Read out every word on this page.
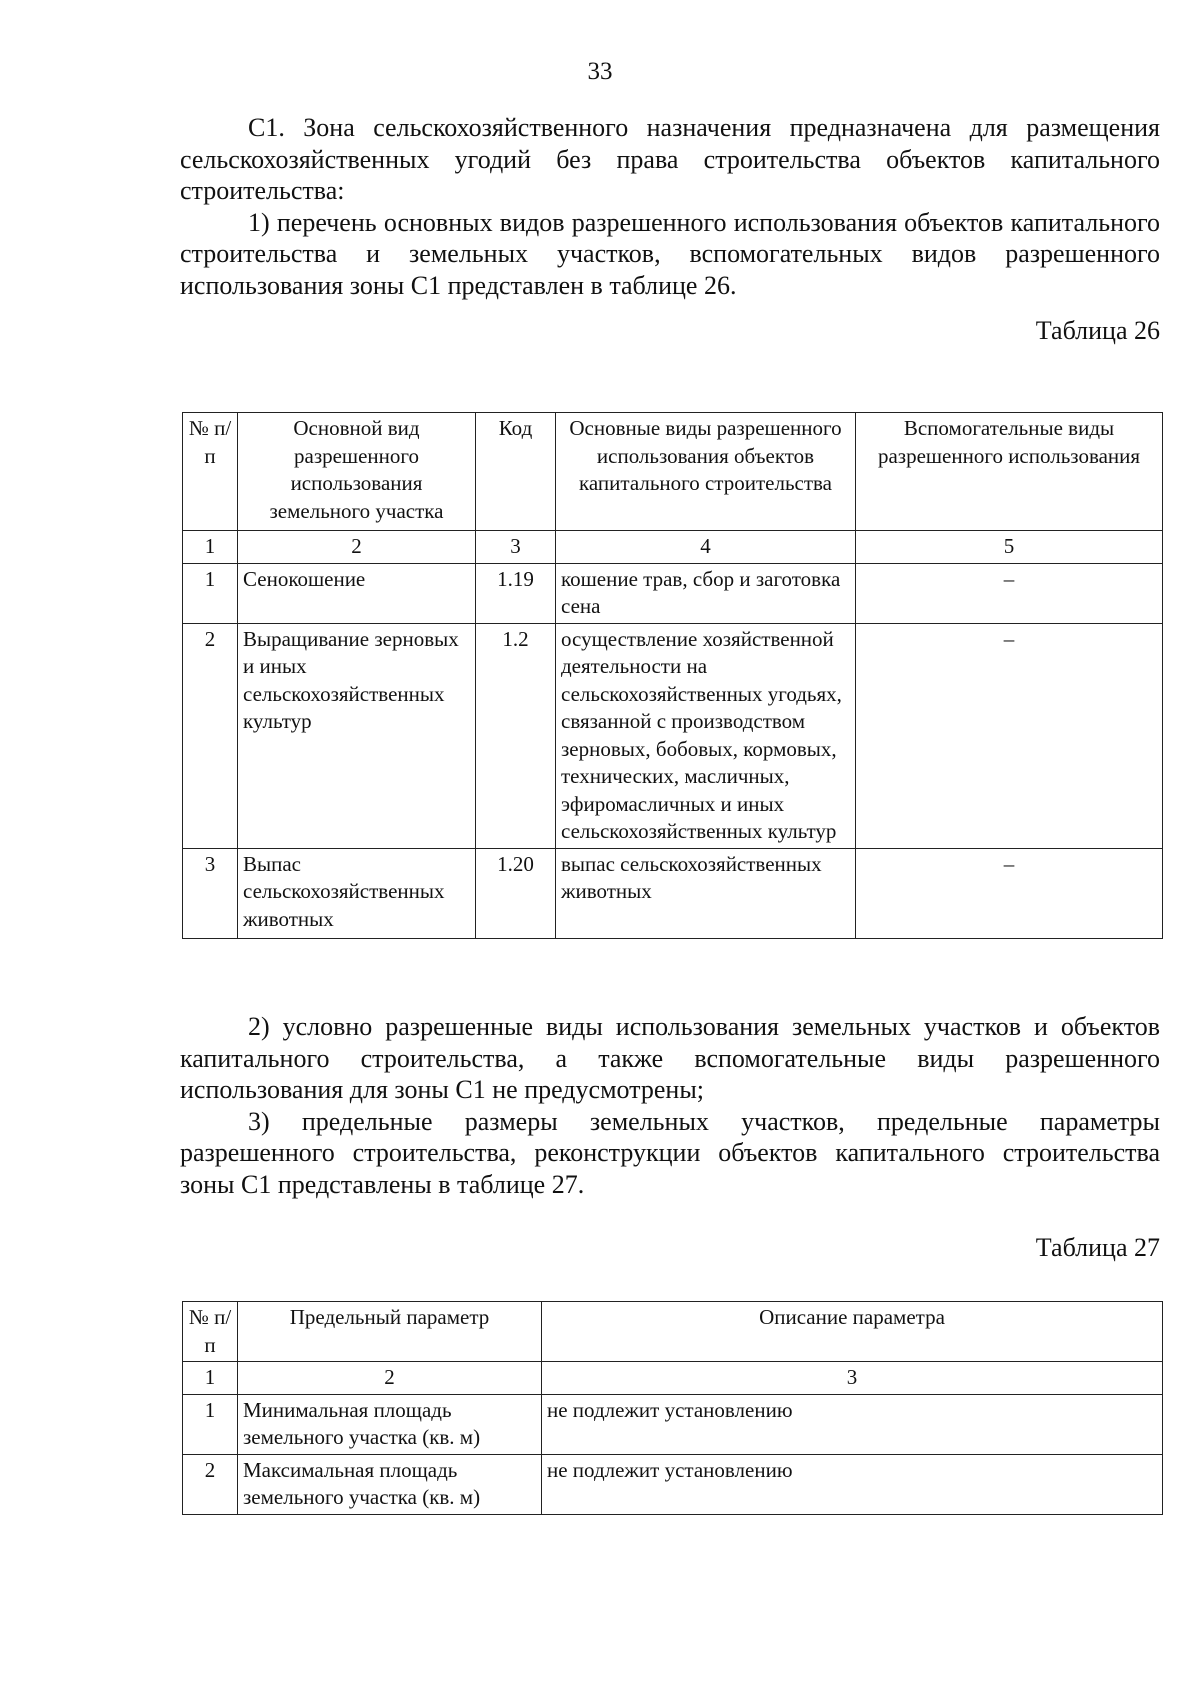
33

С1. Зона сельскохозяйственного назначения предназначена для размещения сельскохозяйственных угодий без права строительства объектов капитального строительства:

1) перечень основных видов разрешенного использования объектов капитального строительства и земельных участков, вспомогательных видов разрешенного использования зоны С1 представлен в таблице 26.

Таблица 26
№ п/п	Основной вид разрешенного использования земельного участка	Код	Основные виды разрешенного использования объектов капитального строительства	Вспомогательные виды разрешенного использования
1	2	3	4	5
1	Сенокошение	1.19	кошение трав, сбор и заготовка сена	–
2	Выращивание зерновых и иных сельскохозяйственных культур	1.2	осуществление хозяйственной деятельности на сельскохозяйственных угодьях, связанной с производством зерновых, бобовых, кормовых, технических, масличных, эфиромасличных и иных сельскохозяйственных культур	–
3	Выпас сельскохозяйственных животных	1.20	выпас сельскохозяйственных животных	–

2) условно разрешенные виды использования земельных участков и объектов капитального строительства, а также вспомогательные виды разрешенного использования для зоны С1 не предусмотрены;

3) предельные размеры земельных участков, предельные параметры разрешенного строительства, реконструкции объектов капитального строительства зоны С1 представлены в таблице 27.

Таблица 27
№ п/п	Предельный параметр	Описание параметра
1	2	3
1	Минимальная площадь земельного участка (кв. м)	не подлежит установлению
2	Максимальная площадь земельного участка (кв. м)	не подлежит установлению
